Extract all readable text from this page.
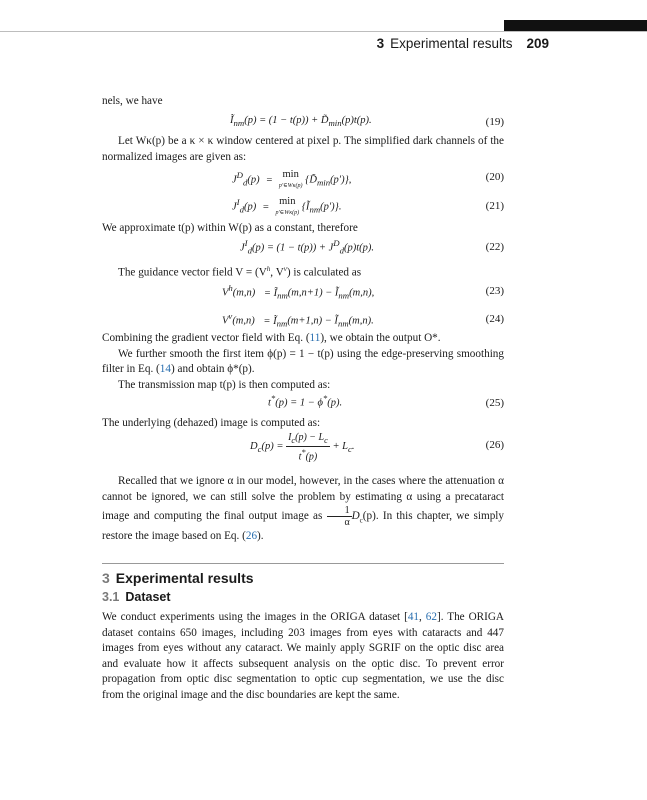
3 Experimental results 209
nels, we have
$Ĩ_{nm}(p) = (1 - t(p))$ + $D̃_{min}(p)t(p)$.	(19)

Let Wκ(p) be a κ × κ window centered at pixel p. The simplified dark channels of the normalized images are given as:

$J^D_d(p) = \min$
p′∈Wκ(p) $\{D̃_{min}(p')\}$,	(20)
$J^I_d(p) = \min$
p′∈Wκ(p) $\{Ĩ_{nm}(p')\}$.	(21)
We approximate t(p) within W(p) as a constant, therefore
$J^I_d(p) = (1 - t(p)) + J^D_d(p)t(p)$.	(22)
The guidance vector field $V = (V^h$, $V^v$) is calculated as
$V^h(m,n)$ = $Ĩ_{nm}(m,n+1)$ − $Ĩ_{nm}(m,n)$,	(23)
$V^v(m,n)$ = $Ĩ_{nm}(m+1,n)$ − $Ĩ_{nm}(m,n)$.	(24)

Combining the gradient vector field with Eq. (11), we obtain the output O*.

We further smooth the first item ϕ(p) = 1 − t(p) using the edge-preserving smoothing filter in Eq. (14) and obtain ϕ*(p).

The transmission map t(p) is then computed as:

t*(p) = 1 − ϕ*(p).	(25)
The underlying (dehazed) image is computed as:
$D_c(p) = \frac{I_c(p) - L_c}{t^*(p)} + L_c$.	(26)

Recalled that we ignore α in our model, however, in the cases where the attenuation α cannot be ignored, we can still solve the problem by estimating α using a precataract image and computing the final output image as $\frac{1}{\alpha} D_c(p)$. In this chapter, we simply restore the image based on Eq. (26).

3 Experimental results
3.1 Dataset

We conduct experiments using the images in the ORIGA dataset [41, 62]. The ORIGA dataset contains 650 images, including 203 images from eyes with cataracts and 447 images from eyes without any cataract. We mainly apply SGRIF on the optic disc area and evaluate how it affects subsequent analysis on the optic disc. To prevent error propagation from optic disc segmentation to optic cup segmentation, we use the disc from the original image and the disc boundaries are kept the same.
